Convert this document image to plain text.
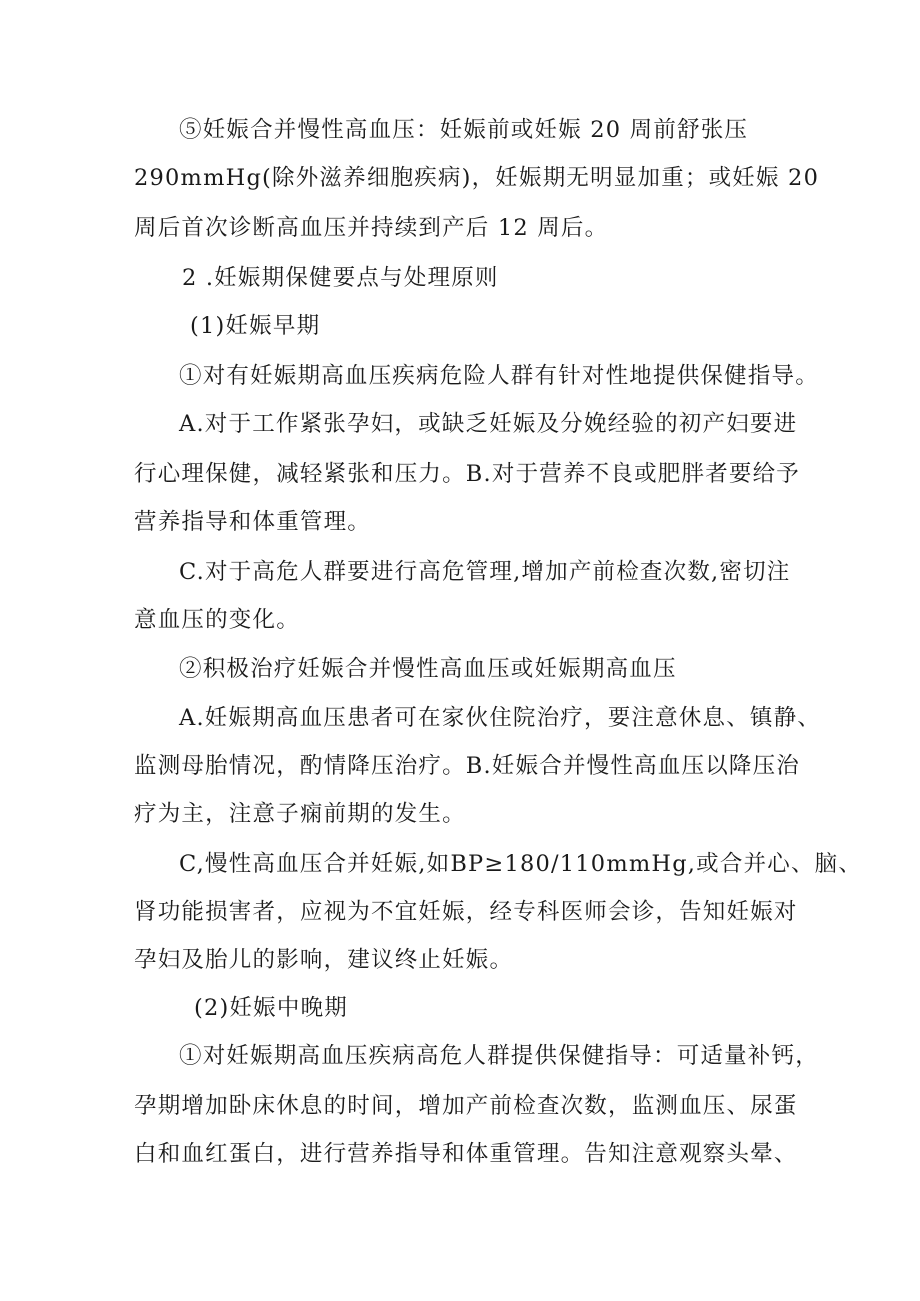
⑤妊娠合并慢性高血压：妊娠前或妊娠 20 周前舒张压
290mmHg(除外滋养细胞疾病)，妊娠期无明显加重；或妊娠 20
周后首次诊断高血压并持续到产后 12 周后。
2 .妊娠期保健要点与处理原则
(1)妊娠早期
①对有妊娠期高血压疾病危险人群有针对性地提供保健指导。
A.对于工作紧张孕妇，或缺乏妊娠及分娩经验的初产妇要进
行心理保健，减轻紧张和压力。B.对于营养不良或肥胖者要给予
营养指导和体重管理。
C.对于高危人群要进行高危管理,增加产前检查次数,密切注
意血压的变化。
②积极治疗妊娠合并慢性高血压或妊娠期高血压
A.妊娠期高血压患者可在家伙住院治疗，要注意休息、镇静、
监测母胎情况，酌情降压治疗。B.妊娠合并慢性高血压以降压治
疗为主，注意子痫前期的发生。
C,慢性高血压合并妊娠,如BP≥180/110mmHg,或合并心、脑、
肾功能损害者，应视为不宜妊娠，经专科医师会诊，告知妊娠对
孕妇及胎儿的影响，建议终止妊娠。
(2)妊娠中晚期
①对妊娠期高血压疾病高危人群提供保健指导：可适量补钙，
孕期增加卧床休息的时间，增加产前检查次数，监测血压、尿蛋
白和血红蛋白，进行营养指导和体重管理。告知注意观察头晕、
